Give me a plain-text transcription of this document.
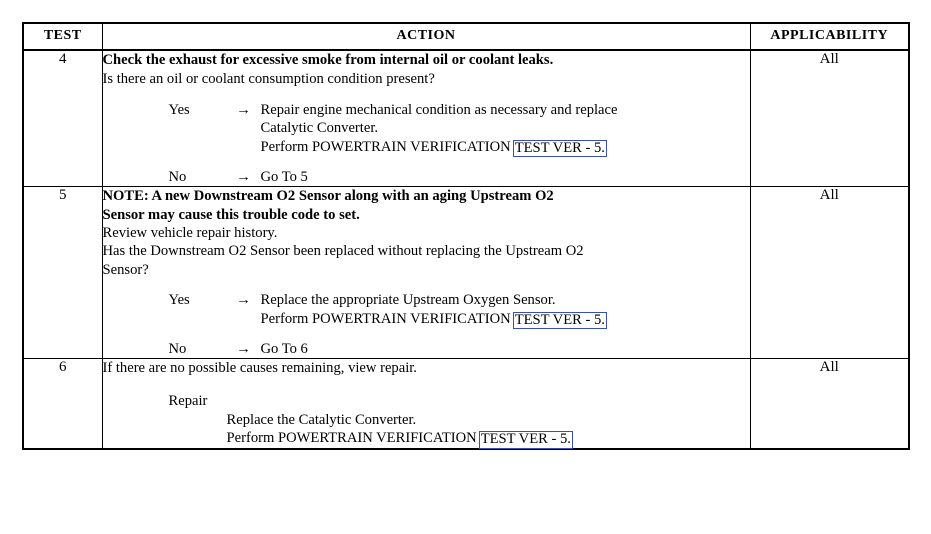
TEST	ACTION	APPLICABILITY
4	Check the exhaust for excessive smoke from internal oil or coolant leaks.
Is there an oil or coolant consumption condition present?
Yes	→ Repair engine mechanical condition as necessary and replace
Catalytic Converter.
Perform POWERTRAIN VERIFICATION TEST VER - 5.
No	→ Go To 5
	All
5	NOTE: A new Downstream O2 Sensor along with an aging Upstream O2
Sensor may cause this trouble code to set.
Review vehicle repair history.
Has the Downstream O2 Sensor been replaced without replacing the Upstream O2
Sensor?
Yes	→ Replace the appropriate Upstream Oxygen Sensor.
Perform POWERTRAIN VERIFICATION TEST VER - 5.
No	→ Go To 6
	All
6	If there are no possible causes remaining, view repair.
Repair
Replace the Catalytic Converter.
Perform POWERTRAIN VERIFICATION TEST VER - 5.	All
